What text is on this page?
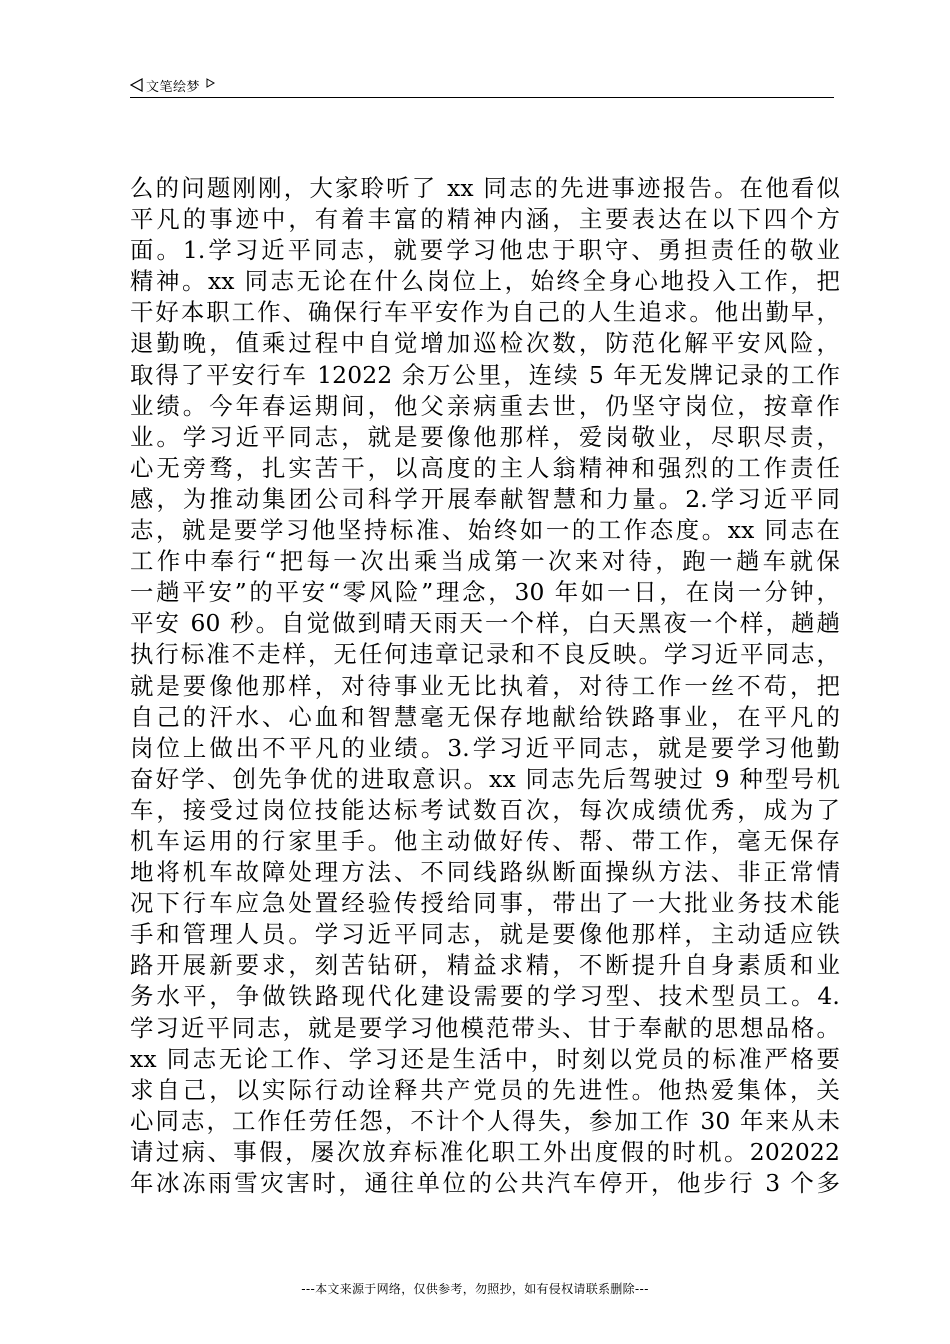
文笔绘梦
么的问题刚刚，大家聆听了 xx 同志的先进事迹报告。在他看似
平凡的事迹中，有着丰富的精神内涵，主要表达在以下四个方
面。1.学习近平同志，就要学习他忠于职守、勇担责任的敬业
精神。xx 同志无论在什么岗位上，始终全身心地投入工作，把
干好本职工作、确保行车平安作为自己的人生追求。他出勤早，
退勤晚，值乘过程中自觉增加巡检次数，防范化解平安风险，
取得了平安行车 12022 余万公里，连续 5 年无发牌记录的工作
业绩。今年春运期间，他父亲病重去世，仍坚守岗位，按章作
业。学习近平同志，就是要像他那样，爱岗敬业，尽职尽责，
心无旁骛，扎实苦干，以高度的主人翁精神和强烈的工作责任
感，为推动集团公司科学开展奉献智慧和力量。2.学习近平同
志，就是要学习他坚持标准、始终如一的工作态度。xx 同志在
工作中奉行“把每一次出乘当成第一次来对待，跑一趟车就保
一趟平安”的平安“零风险”理念，30 年如一日，在岗一分钟，
平安 60 秒。自觉做到晴天雨天一个样，白天黑夜一个样，趟趟
执行标准不走样，无任何违章记录和不良反映。学习近平同志，
就是要像他那样，对待事业无比执着，对待工作一丝不苟，把
自己的汗水、心血和智慧毫无保存地献给铁路事业，在平凡的
岗位上做出不平凡的业绩。3.学习近平同志，就是要学习他勤
奋好学、创先争优的进取意识。xx 同志先后驾驶过 9 种型号机
车，接受过岗位技能达标考试数百次，每次成绩优秀，成为了
机车运用的行家里手。他主动做好传、帮、带工作，毫无保存
地将机车故障处理方法、不同线路纵断面操纵方法、非正常情
况下行车应急处置经验传授给同事，带出了一大批业务技术能
手和管理人员。学习近平同志，就是要像他那样，主动适应铁
路开展新要求，刻苦钻研，精益求精，不断提升自身素质和业
务水平，争做铁路现代化建设需要的学习型、技术型员工。4.
学习近平同志，就是要学习他模范带头、甘于奉献的思想品格。
xx 同志无论工作、学习还是生活中，时刻以党员的标准严格要
求自己，以实际行动诠释共产党员的先进性。他热爱集体，关
心同志，工作任劳任怨，不计个人得失，参加工作 30 年来从未
请过病、事假，屡次放弃标准化职工外出度假的时机。202022
年冰冻雨雪灾害时，通往单位的公共汽车停开，他步行 3 个多
---本文来源于网络，仅供参考，勿照抄，如有侵权请联系删除---
